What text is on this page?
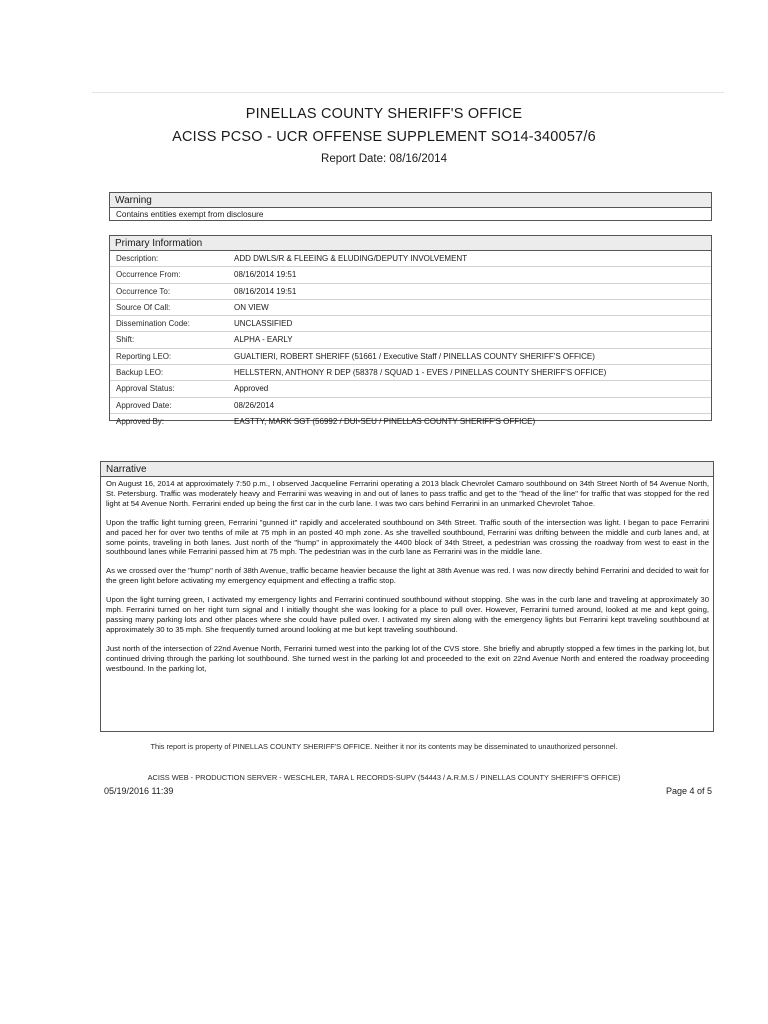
PINELLAS COUNTY SHERIFF'S OFFICE
ACISS PCSO - UCR OFFENSE SUPPLEMENT SO14-340057/6
Report Date: 08/16/2014
Warning
Contains entities exempt from disclosure
Primary Information
Description:	ADD DWLS/R & FLEEING & ELUDING/DEPUTY INVOLVEMENT
Occurrence From:	08/16/2014 19:51
Occurrence To:	08/16/2014 19:51
Source Of Call:	ON VIEW
Dissemination Code:	UNCLASSIFIED
Shift:	ALPHA - EARLY
Reporting LEO:	GUALTIERI, ROBERT SHERIFF (51661 / Executive Staff / PINELLAS COUNTY SHERIFF'S OFFICE)
Backup LEO:	HELLSTERN, ANTHONY R DEP (58378 / SQUAD 1 - EVES / PINELLAS COUNTY SHERIFF'S OFFICE)
Approval Status:	Approved
Approved Date:	08/26/2014
Approved By:	EASTTY, MARK SGT (56992 / DUI-SEU / PINELLAS COUNTY SHERIFF'S OFFICE)
Narrative

On August 16, 2014 at approximately 7:50 p.m., I observed Jacqueline Ferrarini operating a 2013 black Chevrolet Camaro southbound on 34th Street North of 54 Avenue North, St. Petersburg. Traffic was moderately heavy and Ferrarini was weaving in and out of lanes to pass traffic and get to the "head of the line" for traffic that was stopped for the red light at 54 Avenue North. Ferrarini ended up being the first car in the curb lane. I was two cars behind Ferrarini in an unmarked Chevrolet Tahoe.

Upon the traffic light turning green, Ferrarini "gunned it" rapidly and accelerated southbound on 34th Street. Traffic south of the intersection was light. I began to pace Ferrarini and paced her for over two tenths of mile at 75 mph in an posted 40 mph zone. As she travelled southbound, Ferrarini was drifting between the middle and curb lanes and, at some points, traveling in both lanes. Just north of the "hump" in approximately the 4400 block of 34th Street, a pedestrian was crossing the roadway from west to east in the southbound lanes while Ferrarini passed him at 75 mph. The pedestrian was in the curb lane as Ferrarini was in the middle lane.

As we crossed over the "hump" north of 38th Avenue, traffic became heavier because the light at 38th Avenue was red. I was now directly behind Ferrarini and decided to wait for the green light before activating my emergency equipment and effecting a traffic stop.

Upon the light turning green, I activated my emergency lights and Ferrarini continued southbound without stopping. She was in the curb lane and traveling at approximately 30 mph. Ferrarini turned on her right turn signal and I initially thought she was looking for a place to pull over. However, Ferrarini turned around, looked at me and kept going, passing many parking lots and other places where she could have pulled over. I activated my siren along with the emergency lights but Ferrarini kept traveling southbound at approximately 30 to 35 mph. She frequently turned around looking at me but kept traveling southbound.

Just north of the intersection of 22nd Avenue North, Ferrarini turned west into the parking lot of the CVS store. She briefly and abruptly stopped a few times in the parking lot, but continued driving through the parking lot southbound. She turned west in the parking lot and proceeded to the exit on 22nd Avenue North and entered the roadway proceeding westbound. In the parking lot,

This report is property of PINELLAS COUNTY SHERIFF'S OFFICE. Neither it nor its contents may be disseminated to unauthorized personnel.
ACISS WEB - PRODUCTION SERVER - WESCHLER, TARA L RECORDS-SUPV (54443 / A.R.M.S / PINELLAS COUNTY SHERIFF'S OFFICE)
05/19/2016 11:39	Page 4 of 5
